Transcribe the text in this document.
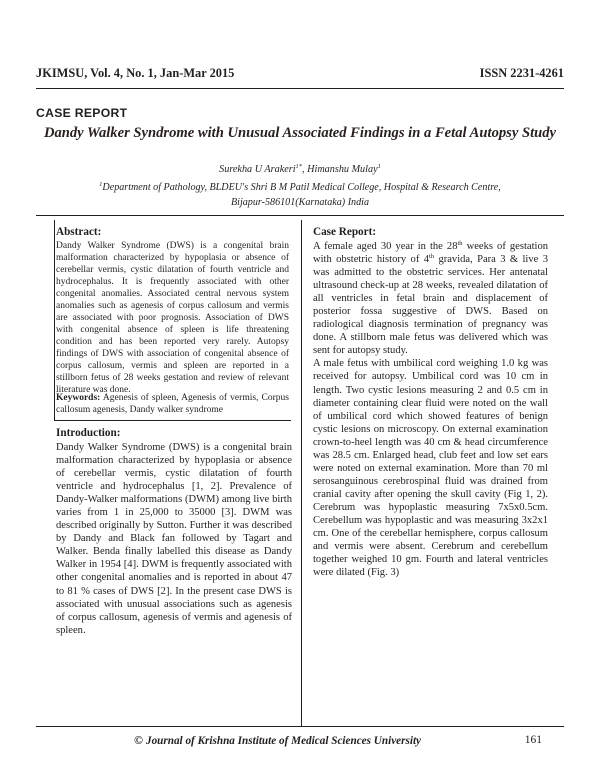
JKIMSU, Vol. 4, No. 1, Jan-Mar 2015	ISSN 2231-4261
CASE REPORT
Dandy Walker Syndrome with Unusual Associated Findings in a Fetal Autopsy Study
Surekha U Arakeri$^{1*}$, Himanshu Mulay$^1$
$^1$Department of Pathology, BLDEU's Shri B M Patil Medical College, Hospital & Research Centre,
Bijapur-586101(Karnataka) India
Abstract:
Dandy Walker Syndrome (DWS) is a congenital brain malformation characterized by hypoplasia or absence of cerebellar vermis, cystic dilatation of fourth ventricle and hydrocephalus. It is frequently associated with other congenital anomalies. Associated central nervous system anomalies such as agenesis of corpus callosum and vermis are associated with poor prognosis. Association of DWS with congenital absence of spleen is life threatening condition and has been reported very rarely. Autopsy findings of DWS with association of congenital absence of corpus callosum, vermis and spleen are reported in a stillborn fetus of 28 weeks gestation and review of relevant literature was done.
Keywords: Agenesis of spleen, Agenesis of vermis, Corpus callosum agenesis, Dandy walker syndrome
Introduction:
Dandy Walker Syndrome (DWS) is a congenital brain malformation characterized by hypoplasia or absence of cerebellar vermis, cystic dilatation of fourth ventricle and hydrocephalus [1, 2]. Prevalence of Dandy-Walker malformations (DWM) among live birth varies from 1 in 25,000 to 35000 [3]. DWM was described originally by Sutton. Further it was described by Dandy and Black fan followed by Tagart and Walker. Benda finally labelled this disease as Dandy Walker in 1954 [4]. DWM is frequently associated with other congenital anomalies and is reported in about 47 to 81 % cases of DWS [2]. In the present case DWS is associated with unusual associations such as agenesis of corpus callosum, agenesis of vermis and agenesis of spleen.
Case Report:

A female aged 30 year in the 28th weeks of gestation with obstetric history of 4th gravida, Para 3 & live 3 was admitted to the obstetric services. Her antenatal ultrasound check-up at 28 weeks, revealed dilatation of all ventricles in fetal brain and displacement of posterior fossa suggestive of DWS. Based on radiological diagnosis termination of pregnancy was done. A stillborn male fetus was delivered which was sent for autopsy study.

A male fetus with umbilical cord weighing 1.0 kg was received for autopsy. Umbilical cord was 10 cm in length. Two cystic lesions measuring 2 and 0.5 cm in diameter containing clear fluid were noted on the wall of umbilical cord which showed features of benign cystic lesions on microscopy. On external examination crown-to-heel length was 40 cm & head circumference was 28.5 cm. Enlarged head, club feet and low set ears were noted on external examination. More than 70 ml serosanguinous cerebrospinal fluid was drained from cranial cavity after opening the skull cavity (Fig 1, 2). Cerebrum was hypoplastic measuring 7x5x0.5cm. Cerebellum was hypoplastic and was measuring 3x2x1 cm. One of the cerebellar hemisphere, corpus callosum and vermis were absent. Cerebrum and cerebellum together weighed 10 gm. Fourth and lateral ventricles were dilated (Fig. 3)

© Journal of Krishna Institute of Medical Sciences University	161
